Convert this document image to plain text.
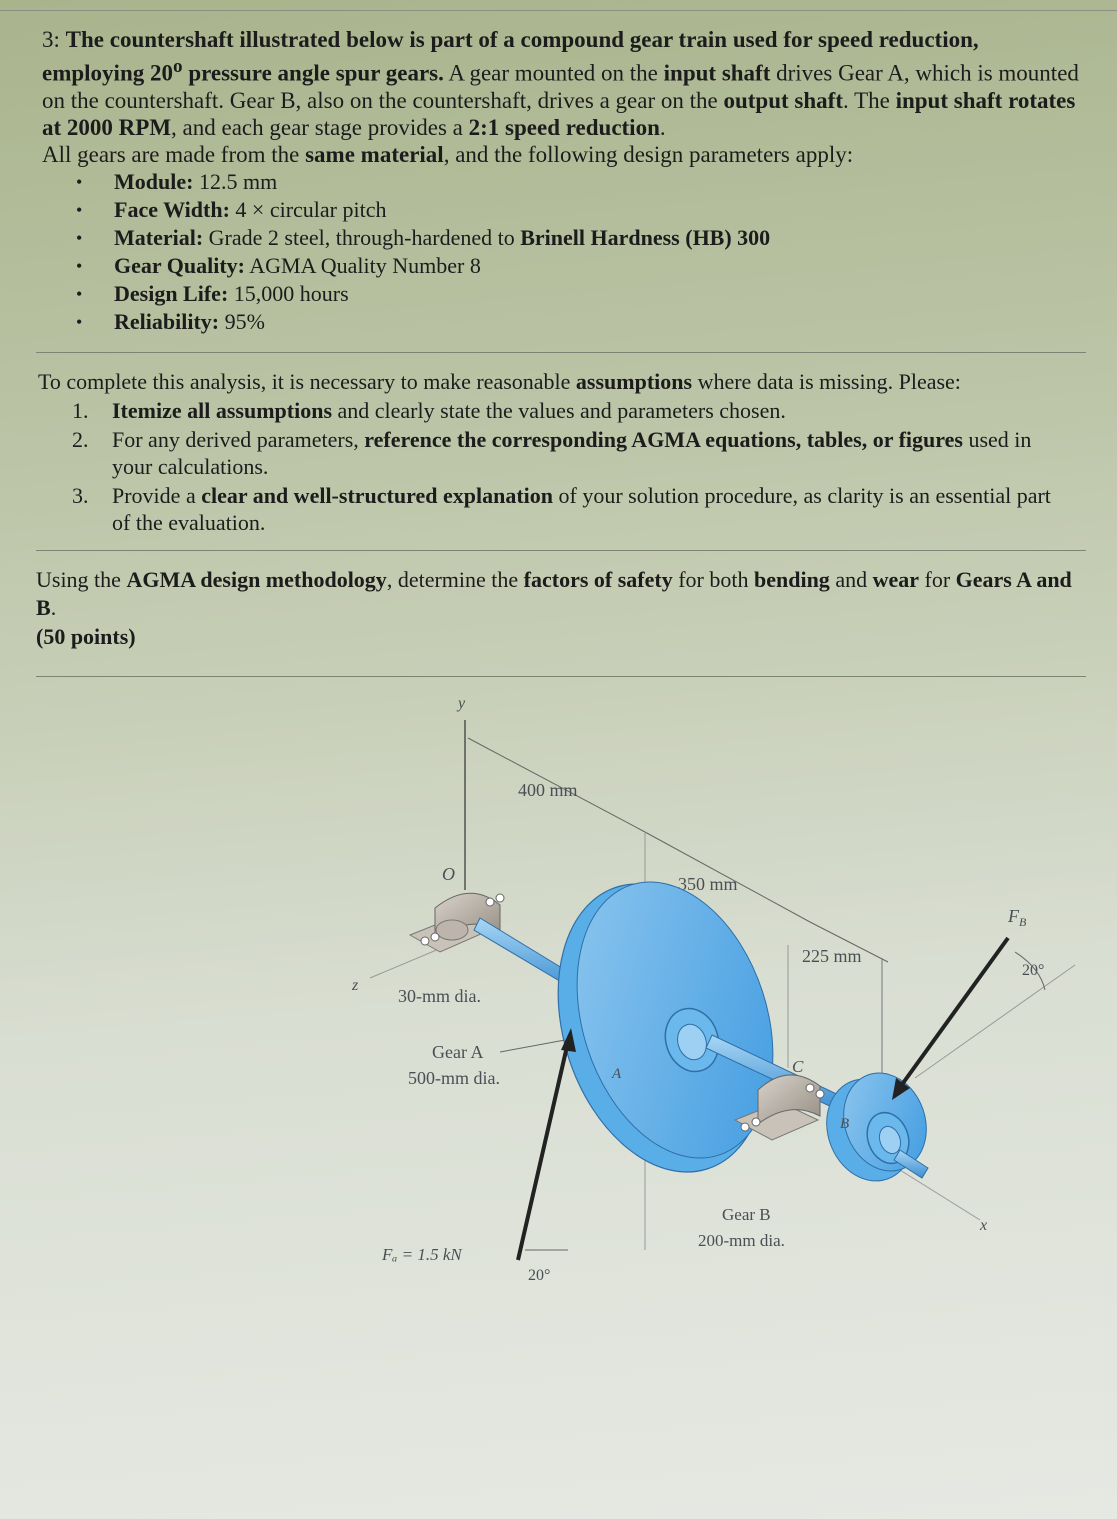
3: The countershaft illustrated below is part of a compound gear train used for speed reduction, employing 20$^o$ pressure angle spur gears. A gear mounted on the input shaft drives Gear A, which is mounted on the countershaft. Gear B, also on the countershaft, drives a gear on the output shaft. The input shaft rotates at 2000 RPM, and each gear stage provides a 2:1 speed reduction.
All gears are made from the same material, and the following design parameters apply:
• Module: 12.5 mm
• Face Width: 4 × circular pitch
• Material: Grade 2 steel, through-hardened to Brinell Hardness (HB) 300
• Gear Quality: AGMA Quality Number 8
• Design Life: 15,000 hours
• Reliability: 95%
To complete this analysis, it is necessary to make reasonable assumptions where data is missing. Please:
1. Itemize all assumptions and clearly state the values and parameters chosen.
2. For any derived parameters, reference the corresponding AGMA equations, tables, or figures used in your calculations.
3. Provide a clear and well-structured explanation of your solution procedure, as clarity is an essential part of the evaluation.
Using the AGMA design methodology, determine the factors of safety for both bending and wear for Gears A and B.
(50 points)
y
z
x
O
400 mm
350 mm
225 mm
30-mm dia.
Gear A
500-mm dia.	A	C
B
Gear B
200-mm dia.
$F_B$
20°
Fₐ = 1.5 kN
20°
